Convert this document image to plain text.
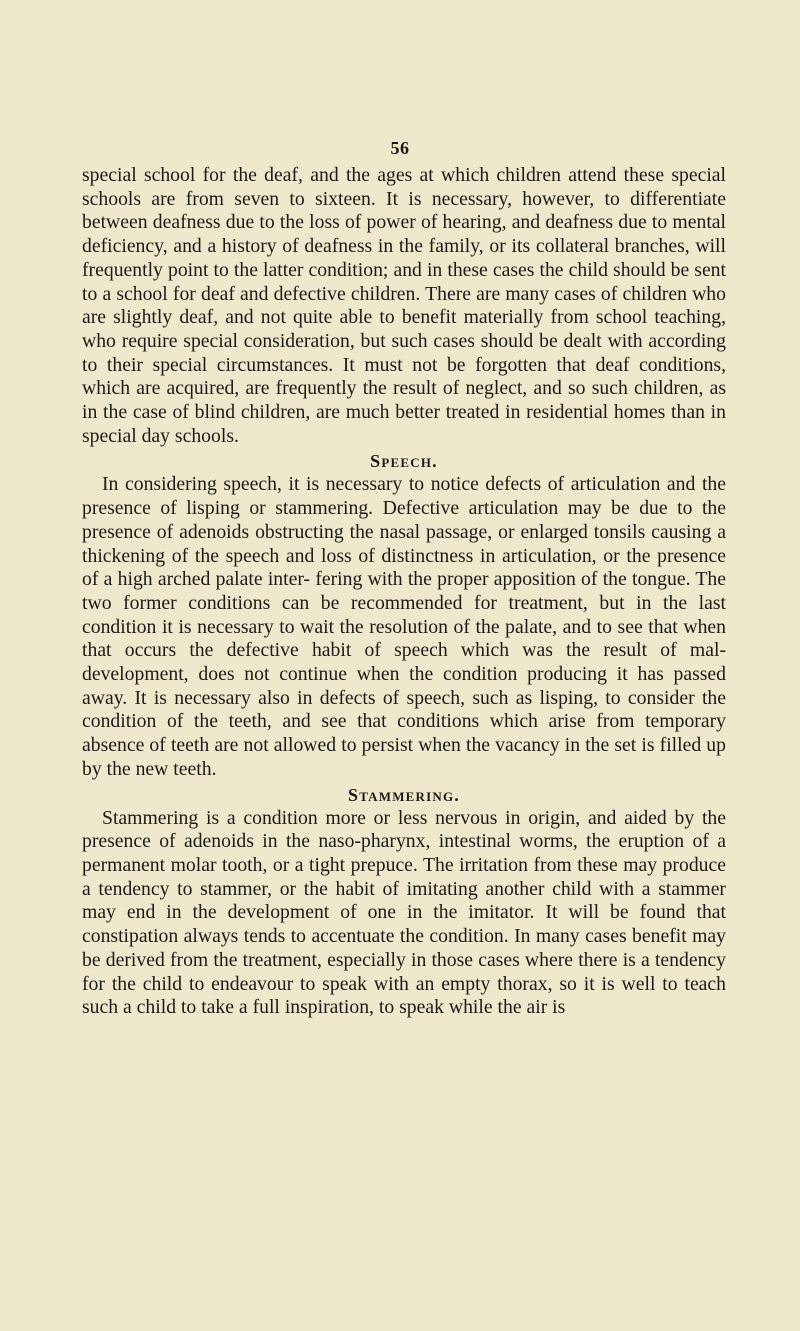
56

special school for the deaf, and the ages at which children attend these special schools are from seven to sixteen. It is necessary, however, to differentiate between deafness due to the loss of power of hearing, and deafness due to mental deficiency, and a history of deafness in the family, or its collateral branches, will frequently point to the latter condition; and in these cases the child should be sent to a school for deaf and defective children. There are many cases of children who are slightly deaf, and not quite able to benefit materially from school teaching, who require special consideration, but such cases should be dealt with according to their special circumstances. It must not be forgotten that deaf conditions, which are acquired, are frequently the result of neglect, and so such children, as in the case of blind children, are much better treated in residential homes than in special day schools.

Speech.

In considering speech, it is necessary to notice defects of articulation and the presence of lisping or stammering. Defective articulation may be due to the presence of adenoids obstructing the nasal passage, or enlarged tonsils causing a thickening of the speech and loss of distinctness in articulation, or the presence of a high arched palate inter- fering with the proper apposition of the tongue. The two former conditions can be recommended for treatment, but in the last condition it is necessary to wait the resolution of the palate, and to see that when that occurs the defective habit of speech which was the result of mal-development, does not continue when the condition producing it has passed away. It is necessary also in defects of speech, such as lisping, to consider the condition of the teeth, and see that conditions which arise from temporary absence of teeth are not allowed to persist when the vacancy in the set is filled up by the new teeth.

Stammering.

Stammering is a condition more or less nervous in origin, and aided by the presence of adenoids in the naso-pharynx, intestinal worms, the eruption of a permanent molar tooth, or a tight prepuce. The irritation from these may produce a tendency to stammer, or the habit of imitating another child with a stammer may end in the development of one in the imitator. It will be found that constipation always tends to accentuate the condition. In many cases benefit may be derived from the treatment, especially in those cases where there is a tendency for the child to endeavour to speak with an empty thorax, so it is well to teach such a child to take a full inspiration, to speak while the air is
